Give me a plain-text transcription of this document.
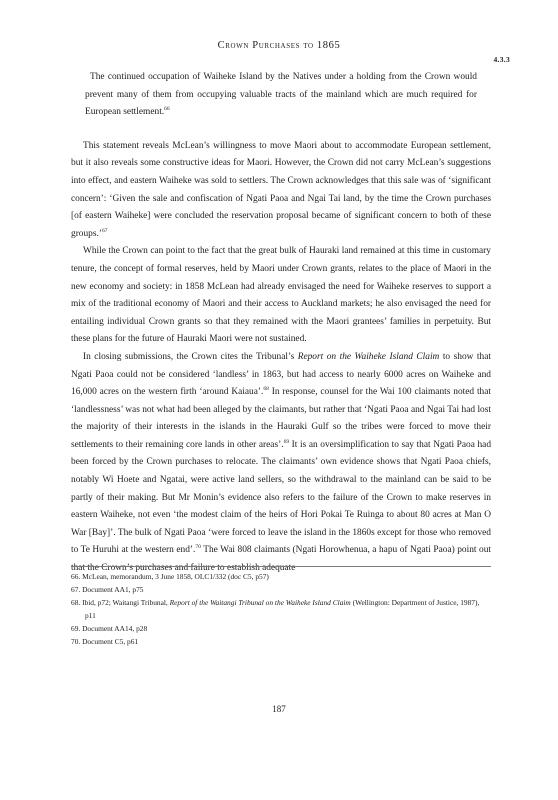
Crown Purchases to 1865
4.3.3

The continued occupation of Waiheke Island by the Natives under a holding from the Crown would prevent many of them from occupying valuable tracts of the mainland which are much required for European settlement.$^{66}$

This statement reveals McLean’s willingness to move Maori about to accommodate European settlement, but it also reveals some constructive ideas for Maori. However, the Crown did not carry McLean’s suggestions into effect, and eastern Waiheke was sold to settlers. The Crown acknowledges that this sale was of ‘significant concern’: ‘Given the sale and confiscation of Ngati Paoa and Ngai Tai land, by the time the Crown purchases [of eastern Waiheke] were concluded the reservation proposal became of significant concern to both of these groups.’$^{67}$

While the Crown can point to the fact that the great bulk of Hauraki land remained at this time in customary tenure, the concept of formal reserves, held by Maori under Crown grants, relates to the place of Maori in the new economy and society: in 1858 McLean had already envisaged the need for Waiheke reserves to support a mix of the traditional economy of Maori and their access to Auckland markets; he also envisaged the need for entailing individual Crown grants so that they remained with the Maori grantees’ families in perpetuity. But these plans for the future of Hauraki Maori were not sustained.

In closing submissions, the Crown cites the Tribunal’s Report on the Waiheke Island Claim to show that Ngati Paoa could not be considered ‘landless’ in 1863, but had access to nearly 6000 acres on Waiheke and 16,000 acres on the western firth ‘around Kaiaua’.$^{68}$ In response, counsel for the Wai 100 claimants noted that ‘landlessness’ was not what had been alleged by the claimants, but rather that ‘Ngati Paoa and Ngai Tai had lost the majority of their interests in the islands in the Hauraki Gulf so the tribes were forced to move their settlements to their remaining core lands in other areas’.$^{69}$ It is an oversimplification to say that Ngati Paoa had been forced by the Crown purchases to relocate. The claimants’ own evidence shows that Ngati Paoa chiefs, notably Wi Hoete and Ngatai, were active land sellers, so the withdrawal to the mainland can be said to be partly of their making. But Mr Monin’s evidence also refers to the failure of the Crown to make reserves in eastern Waiheke, not even ‘the modest claim of the heirs of Hori Pokai Te Ruinga to about 80 acres at Man O War [Bay]’. The bulk of Ngati Paoa ‘were forced to leave the island in the 1860s except for those who removed to Te Huruhi at the western end’.$^{70}$ The Wai 808 claimants (Ngati Horowhenua, a hapu of Ngati Paoa) point out that the Crown’s purchases and failure to establish adequate

66. McLean, memorandum, 3 June 1858, OLC1/332 (doc C5, p57)
67. Document AA1, p75
68. Ibid, p72; Waitangi Tribunal, Report of the Waitangi Tribunal on the Waiheke Island Claim (Wellington: Department of Justice, 1987), p11
69. Document AA14, p28
70. Document C5, p61
187
